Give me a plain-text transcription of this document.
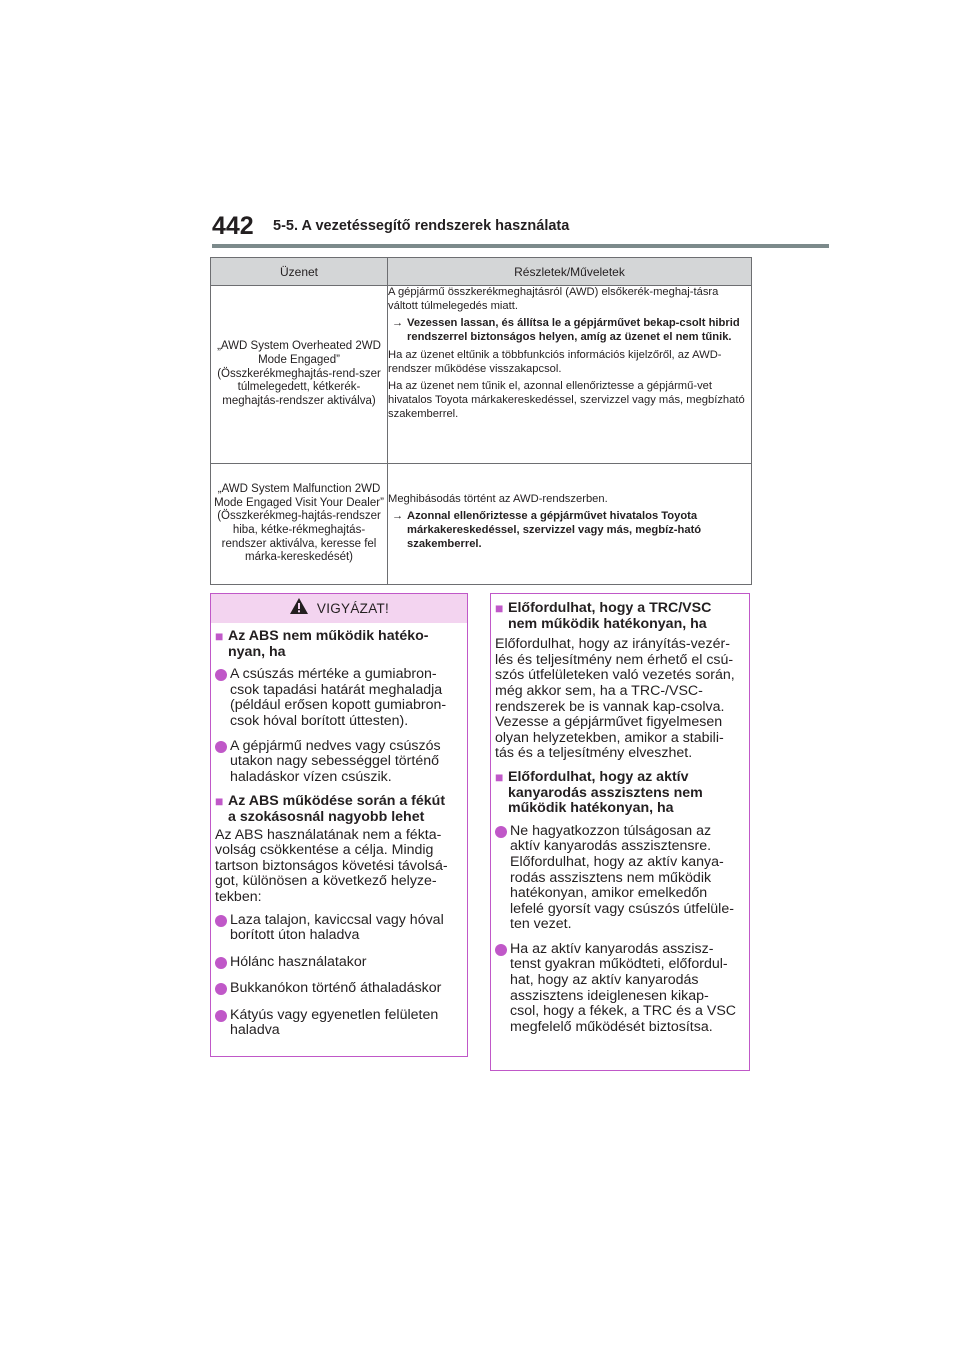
442 5-5. A vezetéssegítő rendszerek használata
Üzenet	Részletek/Műveletek
„AWD System Overheated 2WD Mode Engaged” (Összkerékmeghajtás-rend-szer túlmelegedett, kétkerék-meghajtás-rendszer aktiválva)	A gépjármű összkerékmeghajtásról (AWD) elsőkerék-meghaj-tásra váltott túlmelegedés miatt.

→ Vezessen lassan, és állítsa le a gépjárművet bekap-csolt hibrid rendszerrel biztonságos helyen, amíg az üzenet el nem tűnik.

Ha az üzenet eltűnik a többfunkciós információs kijelzőről, az AWD-rendszer működése visszakapcsol.

Ha az üzenet nem tűnik el, azonnal ellenőriztesse a gépjármű-vet hivatalos Toyota márkakereskedéssel, szervizzel vagy más, megbízható szakemberrel.

„AWD System Malfunction 2WD Mode Engaged Visit Your Dealer” (Összkerékmeg-hajtás-rendszer hiba, kétke-rékmeghajtás-rendszer aktiválva, keresse fel márka-kereskedését)	Meghibásodás történt az AWD-rendszerben.

→ Azonnal ellenőriztesse a gépjárművet hivatalos Toyota márkakereskedéssel, szervizzel vagy más, megbíz-ható szakemberrel.
VIGYÁZAT!
■ Az ABS nem működik hatéko-nyan, ha
A csúszás mértéke a gumiabron-csok tapadási határát meghaladja (például erősen kopott gumiabron-csok hóval borított úttesten).
A gépjármű nedves vagy csúszós utakon nagy sebességgel történő haladáskor vízen csúszik.
■ Az ABS működése során a fékút a szokásosnál nagyobb lehet
Az ABS használatának nem a fékta-volság csökkentése a célja. Mindig tartson biztonságos követési távolsá-got, különösen a következő helyze-tekben:
Laza talajon, kaviccsal vagy hóval borított úton haladva
Hólánc használatakor
Bukkanókon történő áthaladáskor
Kátyús vagy egyenetlen felületen haladva
■ Előfordulhat, hogy a TRC/VSC nem működik hatékonyan, ha
Előfordulhat, hogy az irányítás-vezér-lés és teljesítmény nem érhető el csú-szós útfelületeken való vezetés során, még akkor sem, ha a TRC-/VSC-rendszerek be is vannak kap-csolva.
Vezesse a gépjárművet figyelmesen olyan helyzetekben, amikor a stabili-tás és a teljesítmény elveszhet.
■ Előfordulhat, hogy az aktív kanyarodás asszisztens nem működik hatékonyan, ha
Ne hagyatkozzon túlságosan az aktív kanyarodás asszisztensre. Előfordulhat, hogy az aktív kanya-rodás asszisztens nem működik hatékonyan, amikor emelkedőn lefelé gyorsít vagy csúszós útfelüle-ten vezet.
Ha az aktív kanyarodás asszisz-tenst gyakran működteti, előfordul-hat, hogy az aktív kanyarodás asszisztens ideiglenesen kikap-csol, hogy a fékek, a TRC és a VSC megfelelő működését biztosítsa.
